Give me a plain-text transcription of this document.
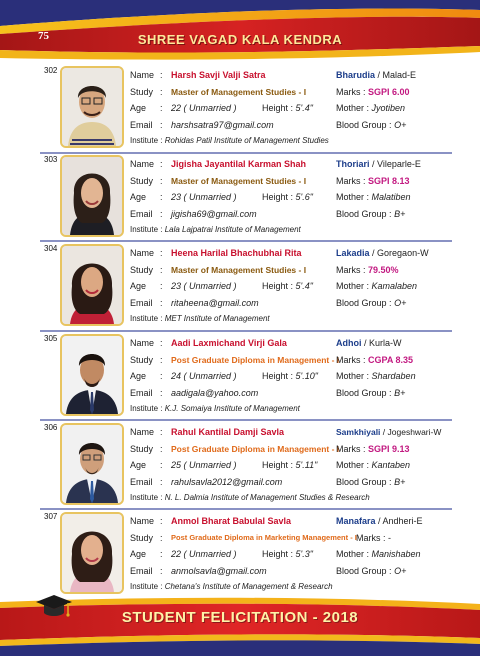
75	SHREE VAGAD KALA KENDRA
302	Name : Harsh Savji Valji Satra	Bharudia / Malad-E
Study : Master of Management Studies - I	Marks : SGPI 6.00
Age	: 22 ( Unmarried )	Height : 5'.4"	Mother : Jyotiben
Email : harshsatra97@gmail.com	Blood Group : O+
Institute : Rohidas Patil Institute of Management Studies
303	Name : Jigisha Jayantilal Karman Shah	Thoriari / Vileparle-E
Study : Master of Management Studies - I	Marks : SGPI 8.13
Age	: 23 ( Unmarried )	Height : 5'.6"	Mother : Malatiben
Email : jigisha69@gmail.com	Blood Group : B+
Institute : Lala Lajpatrai Institute of Management
304	Name : Heena Harilal Bhachubhai Rita	Lakadia / Goregaon-W
Study : Master of Management Studies - I	Marks : 79.50%
Age	: 23 ( Unmarried )	Height : 5'.4"	Mother : Kamalaben
Email : ritaheena@gmail.com	Blood Group : O+
Institute : MET Institute of Management
305	Name : Aadi Laxmichand Virji Gala	Adhoi / Kurla-W
Study : Post Graduate Diploma in Management - I
Marks : CGPA 8.35
Age	: 24 ( Unmarried )	Height : 5'.10" Mother : Shardaben
Email : aadigala@yahoo.com	Blood Group : B+
Institute : K.J. Somaiya Institute of Management
306	Name : Rahul Kantilal Damji Savla	Samkhiyali / Jogeshwari-W
Study : Post Graduate Diploma in Management - I
Marks : SGPI 9.13
Age	: 25 ( Unmarried )	Height : 5'.11" Mother : Kantaben
Email : rahulsavla2012@gmail.com	Blood Group : B+
Institute : N. L. Dalmia Institute of Management Studies & Research
307	Name : Anmol Bharat Babulal Savla	Manafara / Andheri-E
Study : Post Graduate Diploma in Marketing Management - I Marks : -
Age	: 22 ( Unmarried )	Height : 5'.3"	Mother : Manishaben
Email : anmolsavla@gmail.com	Blood Group : O+
Institute : Chetana's Institute of Management & Research
STUDENT FELICITATION - 2018
